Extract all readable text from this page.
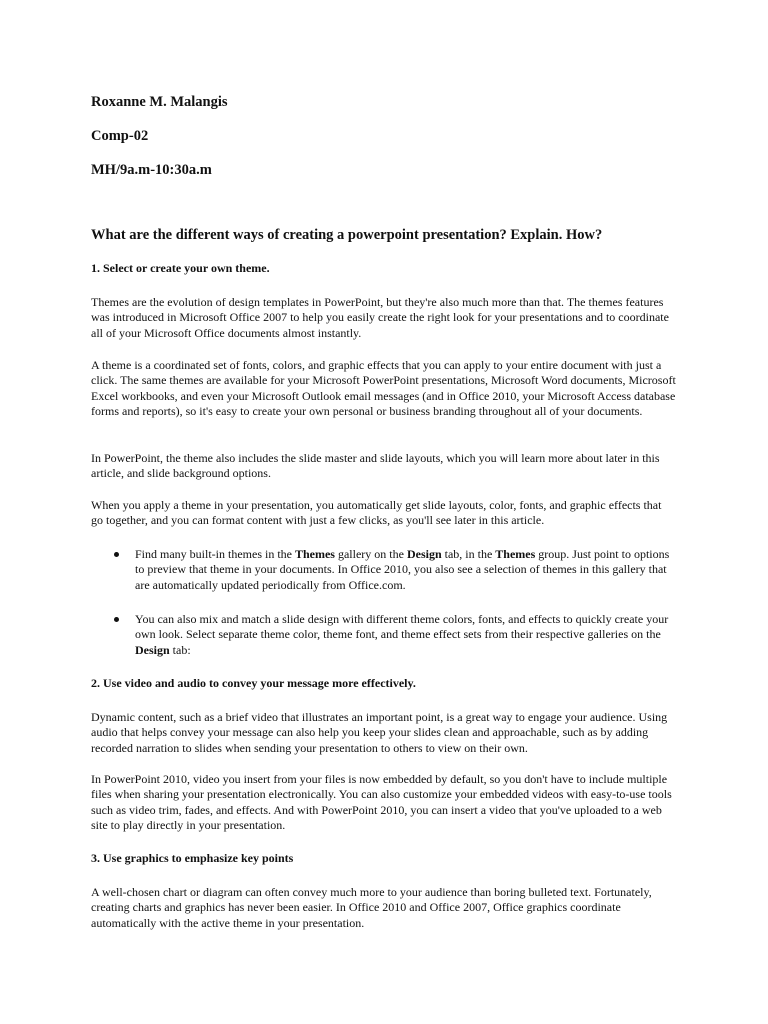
Roxanne M. Malangis

Comp-02

MH/9a.m-10:30a.m

What are the different ways of creating a powerpoint presentation? Explain. How?

1. Select or create your own theme.

Themes are the evolution of design templates in PowerPoint, but they're also much more than that. The themes features was introduced in Microsoft Office 2007 to help you easily create the right look for your presentations and to coordinate all of your Microsoft Office documents almost instantly.

A theme is a coordinated set of fonts, colors, and graphic effects that you can apply to your entire document with just a click. The same themes are available for your Microsoft PowerPoint presentations, Microsoft Word documents, Microsoft Excel workbooks, and even your Microsoft Outlook email messages (and in Office 2010, your Microsoft Access database forms and reports), so it's easy to create your own personal or business branding throughout all of your documents.

In PowerPoint, the theme also includes the slide master and slide layouts, which you will learn more about later in this article, and slide background options.

When you apply a theme in your presentation, you automatically get slide layouts, color, fonts, and graphic effects that go together, and you can format content with just a few clicks, as you'll see later in this article.

Find many built-in themes in the Themes gallery on the Design tab, in the Themes group. Just point to options to preview that theme in your documents. In Office 2010, you also see a selection of themes in this gallery that are automatically updated periodically from Office.com.
You can also mix and match a slide design with different theme colors, fonts, and effects to quickly create your own look. Select separate theme color, theme font, and theme effect sets from their respective galleries on the Design tab:

2. Use video and audio to convey your message more effectively.

Dynamic content, such as a brief video that illustrates an important point, is a great way to engage your audience. Using audio that helps convey your message can also help you keep your slides clean and approachable, such as by adding recorded narration to slides when sending your presentation to others to view on their own.

In PowerPoint 2010, video you insert from your files is now embedded by default, so you don't have to include multiple files when sharing your presentation electronically. You can also customize your embedded videos with easy-to-use tools such as video trim, fades, and effects. And with PowerPoint 2010, you can insert a video that you've uploaded to a web site to play directly in your presentation.

3. Use graphics to emphasize key points

A well-chosen chart or diagram can often convey much more to your audience than boring bulleted text. Fortunately, creating charts and graphics has never been easier. In Office 2010 and Office 2007, Office graphics coordinate automatically with the active theme in your presentation.
